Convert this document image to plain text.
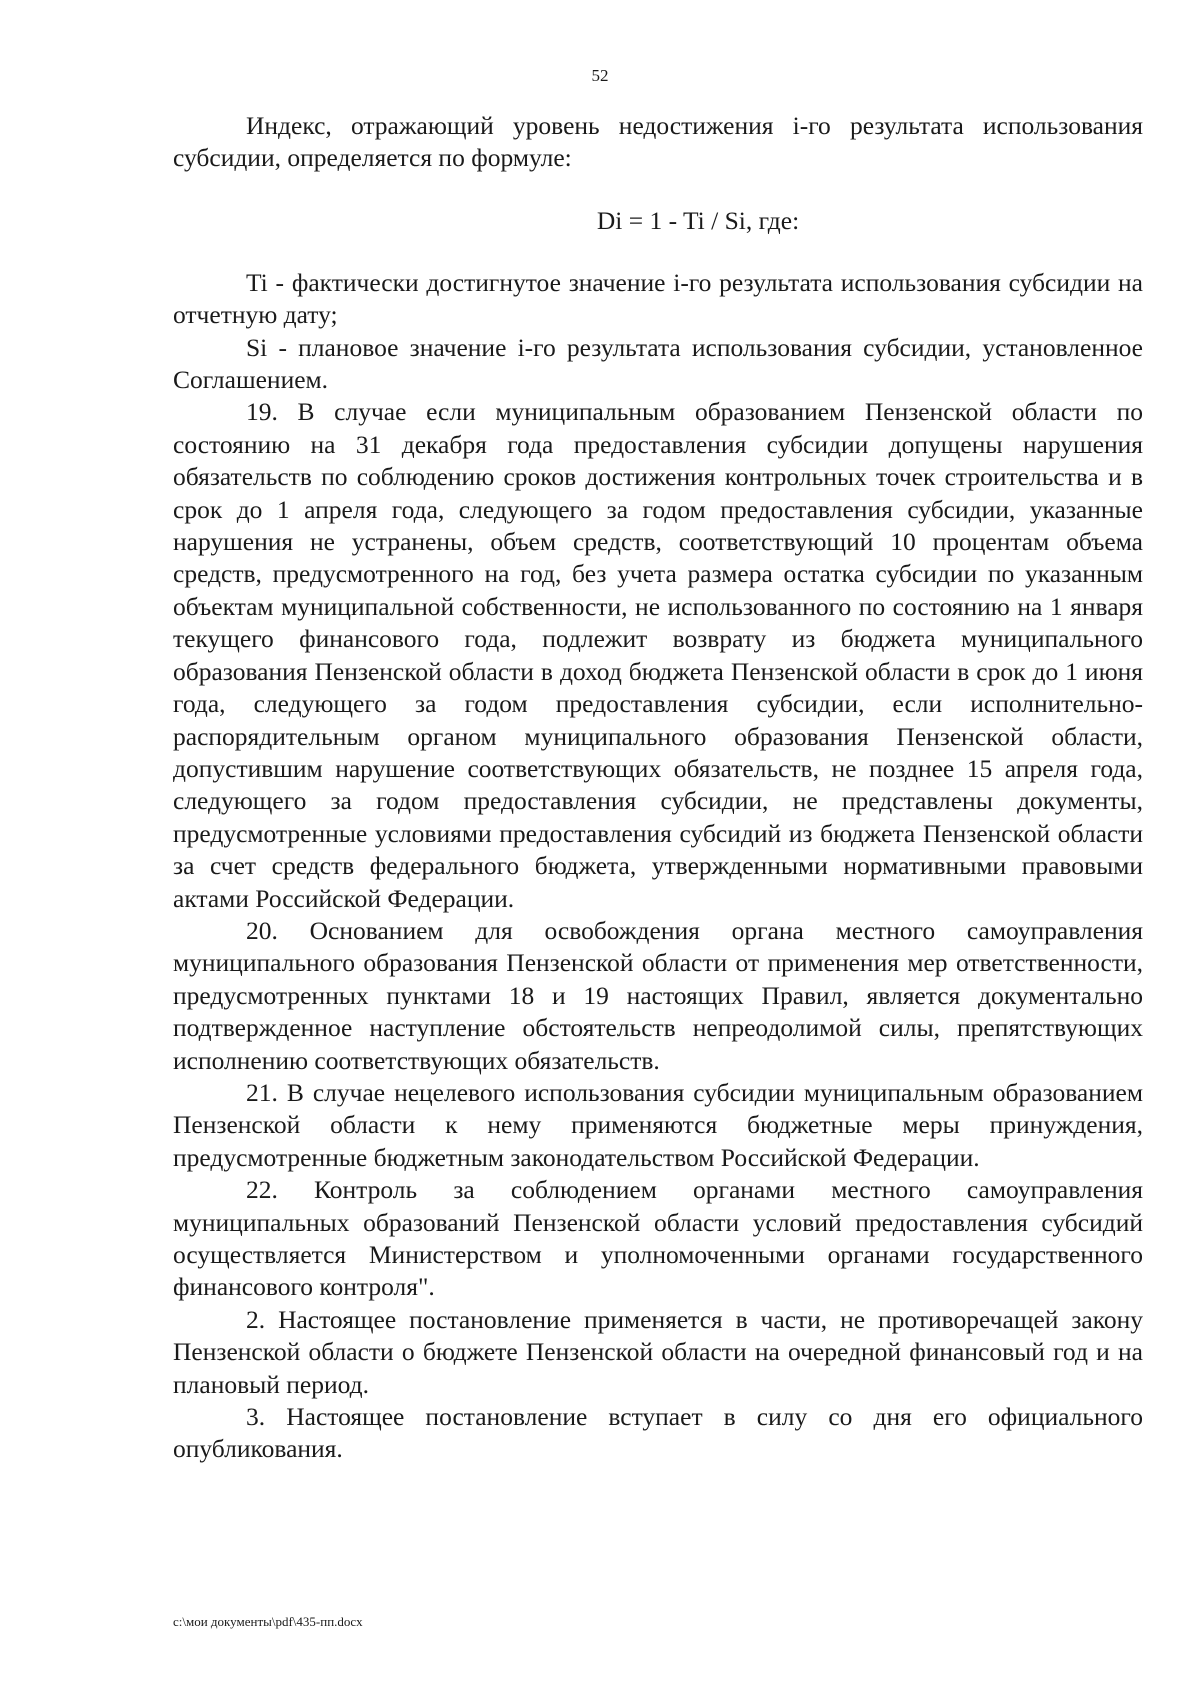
52

Индекс, отражающий уровень недостижения i-го результата использования субсидии, определяется по формуле:

Di = 1 - Ti / Si, где:

Ti - фактически достигнутое значение i-го результата использования субсидии на отчетную дату;

Si - плановое значение i-го результата использования субсидии, установленное Соглашением.

19. В случае если муниципальным образованием Пензенской области по состоянию на 31 декабря года предоставления субсидии допущены нарушения обязательств по соблюдению сроков достижения контрольных точек строительства и в срок до 1 апреля года, следующего за годом предоставления субсидии, указанные нарушения не устранены, объем средств, соответствующий 10 процентам объема средств, предусмотренного на год, без учета размера остатка субсидии по указанным объектам муниципальной собственности, не использованного по состоянию на 1 января текущего финансового года, подлежит возврату из бюджета муниципального образования Пензенской области в доход бюджета Пензенской области в срок до 1 июня года, следующего за годом предоставления субсидии, если исполнительно-распорядительным органом муниципального образования Пензенской области, допустившим нарушение соответствующих обязательств, не позднее 15 апреля года, следующего за годом предоставления субсидии, не представлены документы, предусмотренные условиями предоставления субсидий из бюджета Пензенской области за счет средств федерального бюджета, утвержденными нормативными правовыми актами Российской Федерации.

20. Основанием для освобождения органа местного самоуправления муниципального образования Пензенской области от применения мер ответственности, предусмотренных пунктами 18 и 19 настоящих Правил, является документально подтвержденное наступление обстоятельств непреодолимой силы, препятствующих исполнению соответствующих обязательств.

21. В случае нецелевого использования субсидии муниципальным образованием Пензенской области к нему применяются бюджетные меры принуждения, предусмотренные бюджетным законодательством Российской Федерации.

22. Контроль за соблюдением органами местного самоуправления муниципальных образований Пензенской области условий предоставления субсидий осуществляется Министерством и уполномоченными органами государственного финансового контроля".

2. Настоящее постановление применяется в части, не противоречащей закону Пензенской области о бюджете Пензенской области на очередной финансовый год и на плановый период.

3. Настоящее постановление вступает в силу со дня его официального опубликования.

c:\мои документы\pdf\435-пп.docx
